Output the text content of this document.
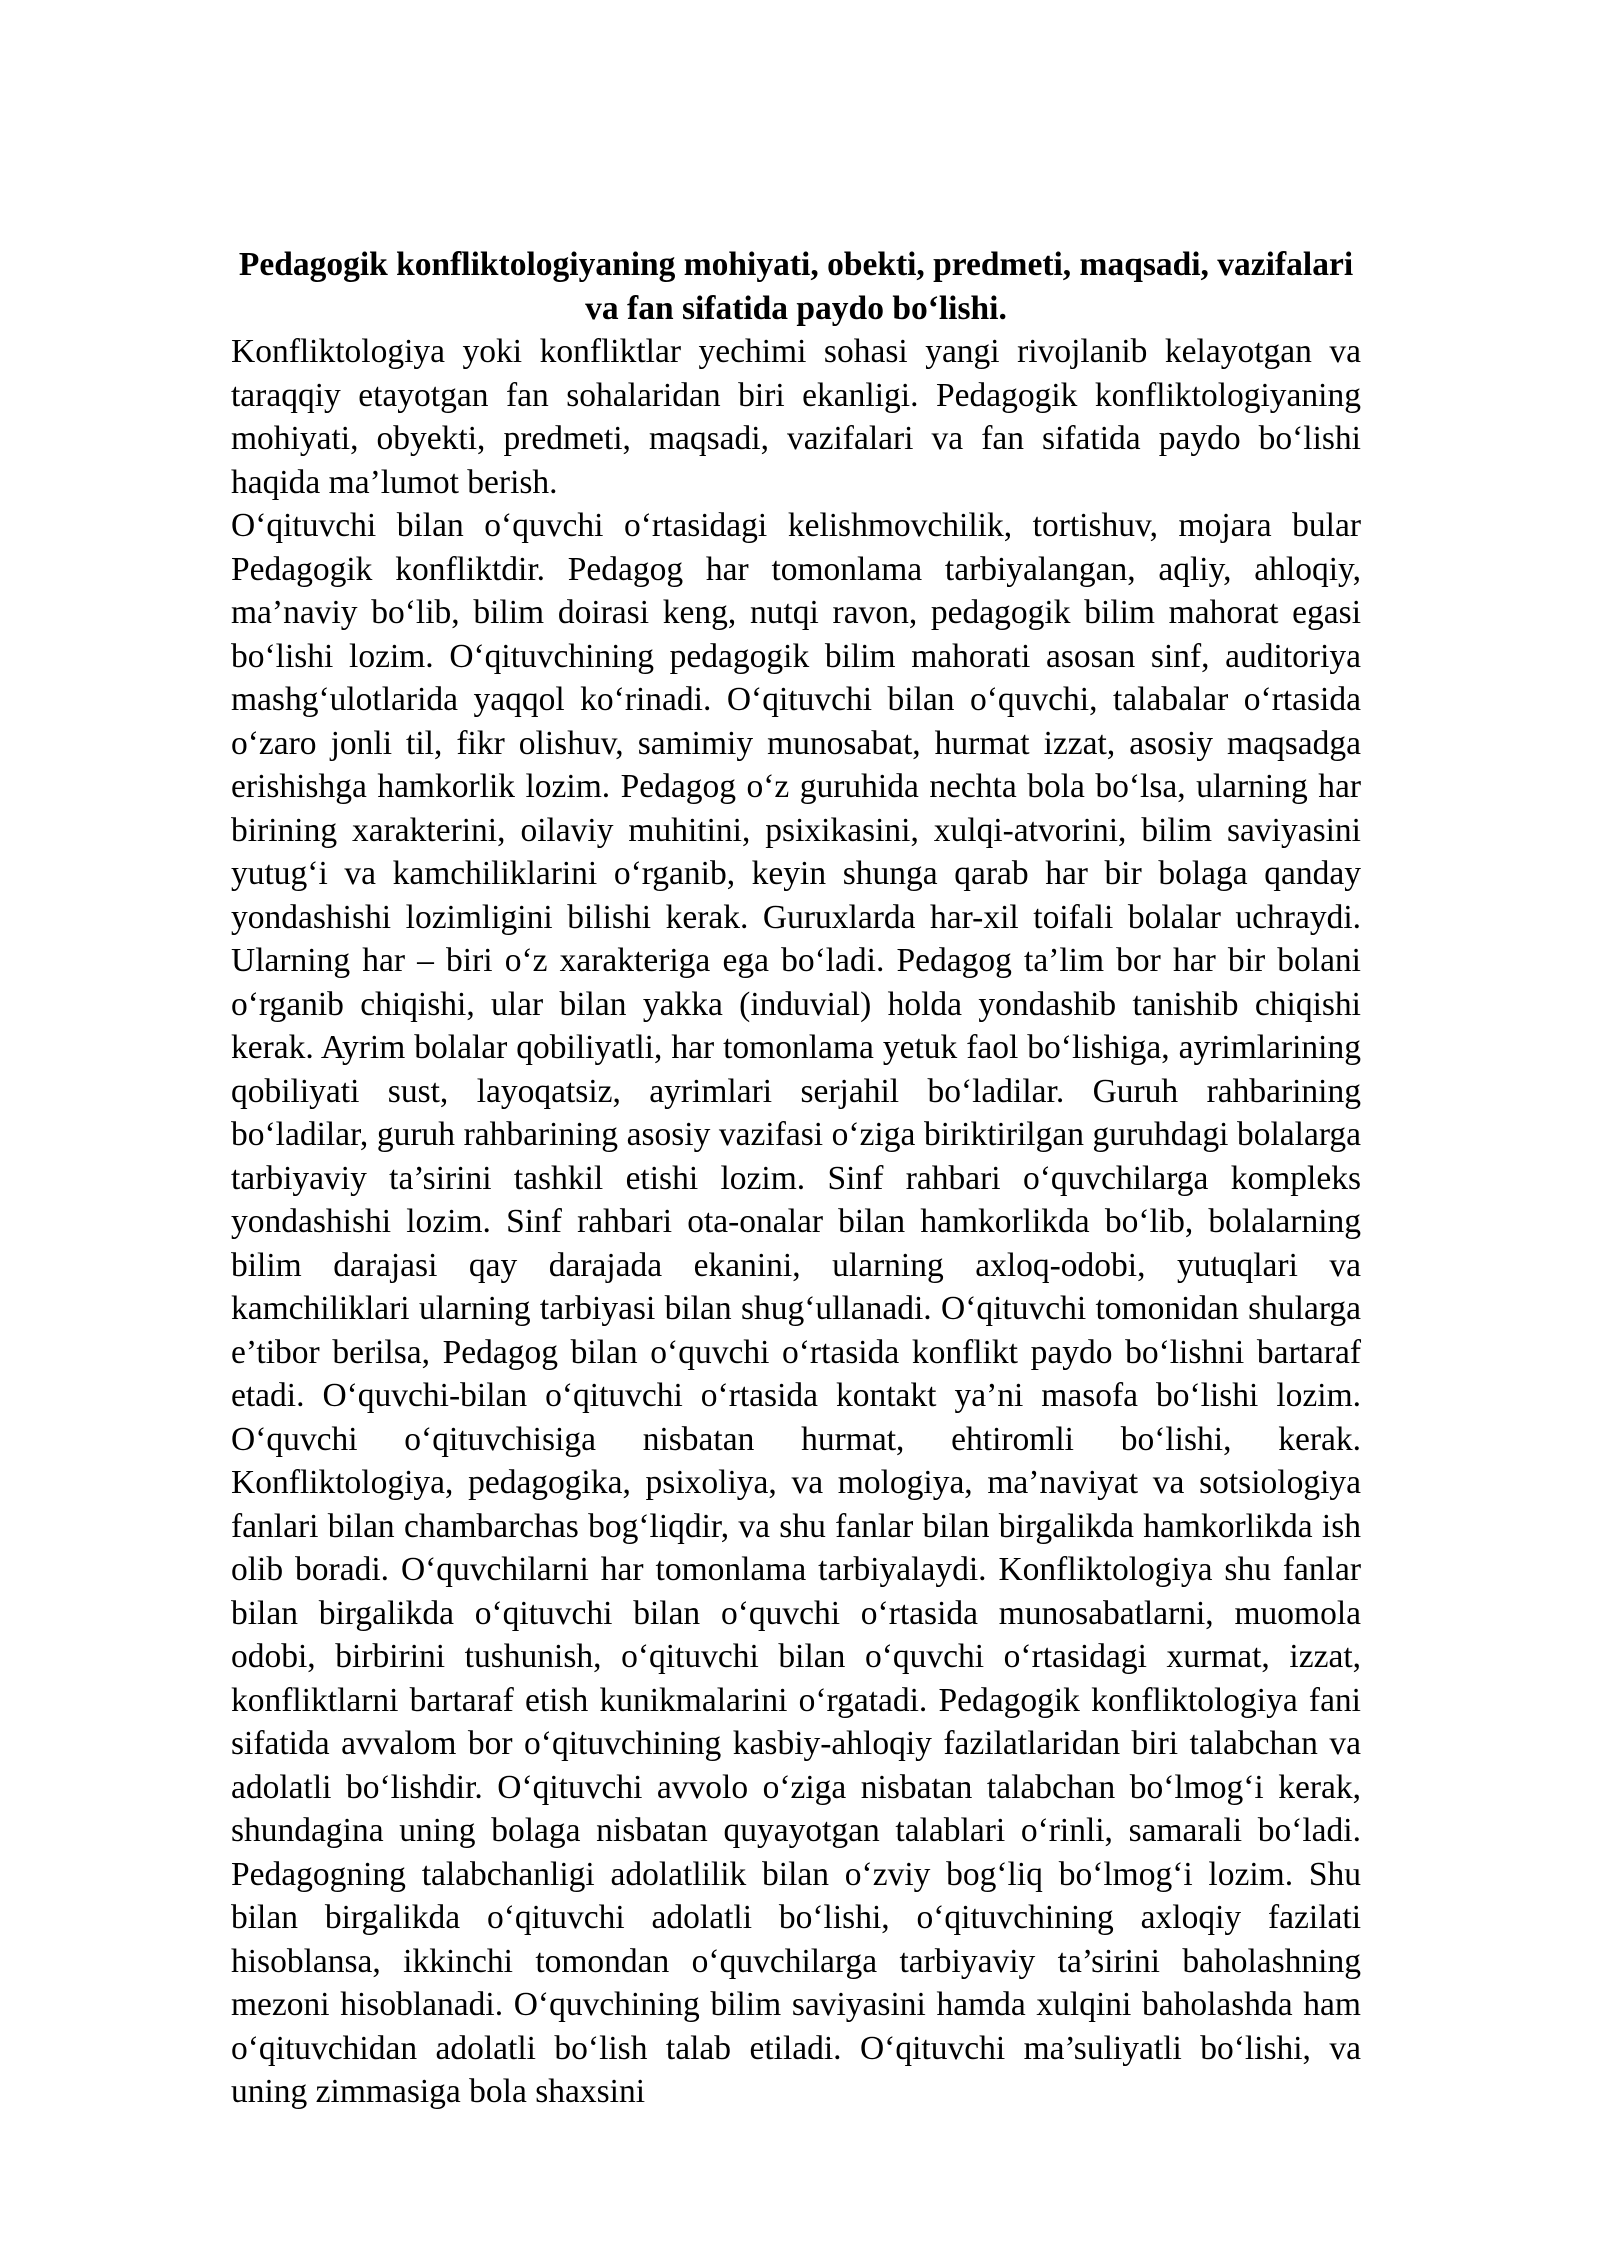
Pedagogik konfliktologiyaning mohiyati, obekti, predmeti, maqsadi, vazifalari va fan sifatida paydo bo‘lishi.

Konfliktologiya yoki konfliktlar yechimi sohasi yangi rivojlanib kelayotgan va taraqqiy etayotgan fan sohalaridan biri ekanligi. Pedagogik konfliktologiyaning mohiyati, obyekti, predmeti, maqsadi, vazifalari va fan sifatida paydo bo‘lishi haqida ma’lumot berish.

O‘qituvchi bilan o‘quvchi o‘rtasidagi kelishmovchilik, tortishuv, mojara bular Pedagogik konfliktdir. Pedagog har tomonlama tarbiyalangan, aqliy, ahloqiy, ma’naviy bo‘lib, bilim doirasi keng, nutqi ravon, pedagogik bilim mahorat egasi bo‘lishi lozim. O‘qituvchining pedagogik bilim mahorati asosan sinf, auditoriya mashg‘ulotlarida yaqqol ko‘rinadi. O‘qituvchi bilan o‘quvchi, talabalar o‘rtasida o‘zaro jonli til, fikr olishuv, samimiy munosabat, hurmat izzat, asosiy maqsadga erishishga hamkorlik lozim. Pedagog o‘z guruhida nechta bola bo‘lsa, ularning har birining xarakterini, oilaviy muhitini, psixikasini, xulqi-atvorini, bilim saviyasini yutug‘i va kamchiliklarini o‘rganib, keyin shunga qarab har bir bolaga qanday yondashishi lozimligini bilishi kerak. Guruxlarda har-xil toifali bolalar uchraydi. Ularning har – biri o‘z xarakteriga ega bo‘ladi. Pedagog ta’lim bor har bir bolani o‘rganib chiqishi, ular bilan yakka (induvial) holda yondashib tanishib chiqishi kerak. Ayrim bolalar qobiliyatli, har tomonlama yetuk faol bo‘lishiga, ayrimlarining qobiliyati sust, layoqatsiz, ayrimlari serjahil bo‘ladilar. Guruh rahbarining bo‘ladilar, guruh rahbarining asosiy vazifasi o‘ziga biriktirilgan guruhdagi bolalarga tarbiyaviy ta’sirini tashkil etishi lozim. Sinf rahbari o‘quvchilarga kompleks yondashishi lozim. Sinf rahbari ota-onalar bilan hamkorlikda bo‘lib, bolalarning bilim darajasi qay darajada ekanini, ularning axloq-odobi, yutuqlari va kamchiliklari ularning tarbiyasi bilan shug‘ullanadi. O‘qituvchi tomonidan shularga e’tibor berilsa, Pedagog bilan o‘quvchi o‘rtasida konflikt paydo bo‘lishni bartaraf etadi. O‘quvchi-bilan o‘qituvchi o‘rtasida kontakt ya’ni masofa bo‘lishi lozim. O‘quvchi o‘qituvchisiga nisbatan hurmat, ehtiromli bo‘lishi, kerak. Konfliktologiya, pedagogika, psixoliya, va mologiya, ma’naviyat va sotsiologiya fanlari bilan chambarchas bog‘liqdir, va shu fanlar bilan birgalikda hamkorlikda ish olib boradi. O‘quvchilarni har tomonlama tarbiyalaydi. Konfliktologiya shu fanlar bilan birgalikda o‘qituvchi bilan o‘quvchi o‘rtasida munosabatlarni, muomola odobi, birbirini tushunish, o‘qituvchi bilan o‘quvchi o‘rtasidagi xurmat, izzat, konfliktlarni bartaraf etish kunikmalarini o‘rgatadi. Pedagogik konfliktologiya fani sifatida avvalom bor o‘qituvchining kasbiy-ahloqiy fazilatlaridan biri talabchan va adolatli bo‘lishdir. O‘qituvchi avvolo o‘ziga nisbatan talabchan bo‘lmog‘i kerak, shundagina uning bolaga nisbatan quyayotgan talablari o‘rinli, samarali bo‘ladi. Pedagogning talabchanligi adolatlilik bilan o‘zviy bog‘liq bo‘lmog‘i lozim. Shu bilan birgalikda o‘qituvchi adolatli bo‘lishi, o‘qituvchining axloqiy fazilati hisoblansa, ikkinchi tomondan o‘quvchilarga tarbiyaviy ta’sirini baholashning mezoni hisoblanadi. O‘quvchining bilim saviyasini hamda xulqini baholashda ham o‘qituvchidan adolatli bo‘lish talab etiladi. O‘qituvchi ma’suliyatli bo‘lishi, va uning zimmasiga bola shaxsini
